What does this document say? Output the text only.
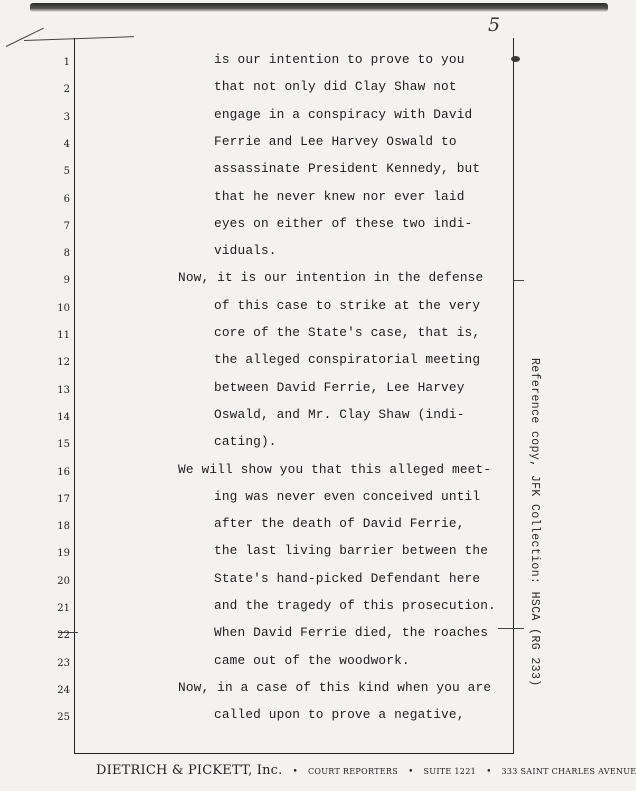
5
1
2
3
4
5
6
7
8
9
10
11
12
13
14
15
16
17
18
19
20
21
22
23
24
25
is our intention to prove to you
that not only did Clay Shaw not
engage in a conspiracy with David
Ferrie and Lee Harvey Oswald to
assassinate President Kennedy, but
that he never knew nor ever laid
eyes on either of these two indi-
viduals.
Now, it is our intention in the defense
of this case to strike at the very
core of the State's case, that is,
the alleged conspiratorial meeting
between David Ferrie, Lee Harvey
Oswald, and Mr. Clay Shaw (indi-
cating).
We will show you that this alleged meet-
ing was never even conceived until
after the death of David Ferrie,
the last living barrier between the
State's hand-picked Defendant here
and the tragedy of this prosecution.
When David Ferrie died, the roaches
came out of the woodwork.
Now, in a case of this kind when you are
called upon to prove a negative,
Reference copy, JFK Collection: HSCA (RG 233)
DIETRICH & PICKETT, Inc. • COURT REPORTERS • SUITE 1221 • 333 SAINT CHARLES AVENUE
